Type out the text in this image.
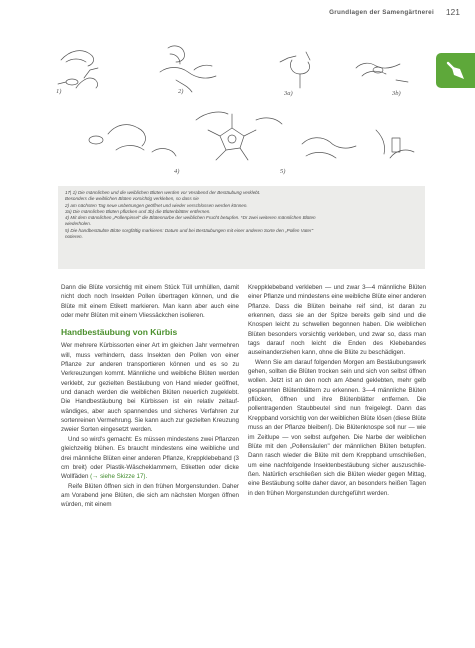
Grundlagen der Samengärtnerei 121
1)	2)	3a)	3b)
4)	5)
17| 1) Die männlichen und die weiblichen Blüten werden vor Verabend der Bestäubung verklebt.
Besonders die weiblichen Blüten vorsichtig verkleben, so dass sie
2) am nächsten Tag neue unbetrungen geöffnet und wieder verschlossen werden können.
3a) Die männlichen Blüten pflücken und 3b) die Blütenblätter entfernen.
4) Mit dem männlichen „Pollenpinsel" die Blütennarbe der weiblichen Frucht betupfen. *Dr zwei weiteren männlichen Blüten
wiederholen.
5) Die handbestäubte Blüte sorgfältig markieren: Datum und bei Bestäubungen mit einer anderen Sorte den „Pollen Vater"
notieren.

Dann die Blüte vorsichtig mit einem Stück Tüll umhüllen, damit nicht doch noch Insekten Pollen übertragen können, und die Blüte mit einem Etikett markieren. Man kann aber auch eine oder mehr Blüten mit einem Vliessäckchen isolieren.

Handbestäubung von Kürbis

Wer mehrere Kürbissorten einer Art im gleichen Jahr vermehren will, muss verhindern, dass Insekten den Pollen von einer Pflanze zur anderen transportieren können und es so zu Verkreuzungen kommt. Männliche und weibliche Blüten werden verklebt, zur gezielten Bestäubung von Hand wieder geöffnet, und danach werden die weiblichen Blüten neuerlich zugeklebt. Die Handbestäubung bei Kürbissen ist ein relativ zeitaufwändiges, aber auch spannendes und sicheres Verfahren zur sortenreinen Vermehrung. Sie kann auch zur gezielten Kreuzung zweier Sorten eingesetzt werden.

Und so wird's gemacht: Es müssen mindestens zwei Pflanzen gleichzeitig blühen. Es braucht mindestens eine weibliche und drei männliche Blüten einer anderen Pflanze, Kreppklebeband (3 cm breit) oder Plastik-Wäscheklammern, Etiketten oder dicke Wollfäden (→ siehe Skizze 17).

Reife Blüten öffnen sich in den frühen Morgenstunden. Daher am Vorabend jene Blüten, die sich am nächsten Morgen öffnen würden, mit einem

Kreppklebeband verkleben — und zwar 3—4 männliche Blüten einer Pflanze und mindestens eine weibliche Blüte einer anderen Pflanze. Dass die Blüten beinahe reif sind, ist daran zu erkennen, dass sie an der Spitze bereits gelb sind und die Knospen leicht zu schwellen begonnen haben. Die weiblichen Blüten besonders vorsichtig verkleben, und zwar so, dass man tags darauf noch leicht die Enden des Klebebandes auseinanderziehen kann, ohne die Blüte zu beschädigen.

Wenn Sie am darauf folgenden Morgen am Bestäubungswerk gehen, sollten die Blüten trocken sein und sich von selbst öffnen wollen. Jetzt ist an den noch am Abend geklebten, mehr gelb gespannten Blütenblättern zu erkennen. 3—4 männliche Blüten pflücken, öffnen und ihre Blütenblätter entfernen. Die pollentragenden Staubbeutel sind nun freigelegt. Dann das Kreppband vorsichtig von der weiblichen Blüte lösen (diese Blüte muss an der Pflanze bleiben!). Die Blütenknospe soll nur — wie im Zeitlupe — von selbst aufgehen. Die Narbe der weiblichen Blüte mit den „Pollensäulen" der männlichen Blüten betupfen. Dann rasch wieder die Blüte mit dem Kreppband umschließen, um eine nachfolgende Insektenbestäubung sicher auszuschließen. Natürlich erschließen sich die Blüten wieder gegen Mittag, eine Bestäubung sollte daher davor, an besonders heißen Tagen in den frühen Morgenstunden durchgeführt werden.
